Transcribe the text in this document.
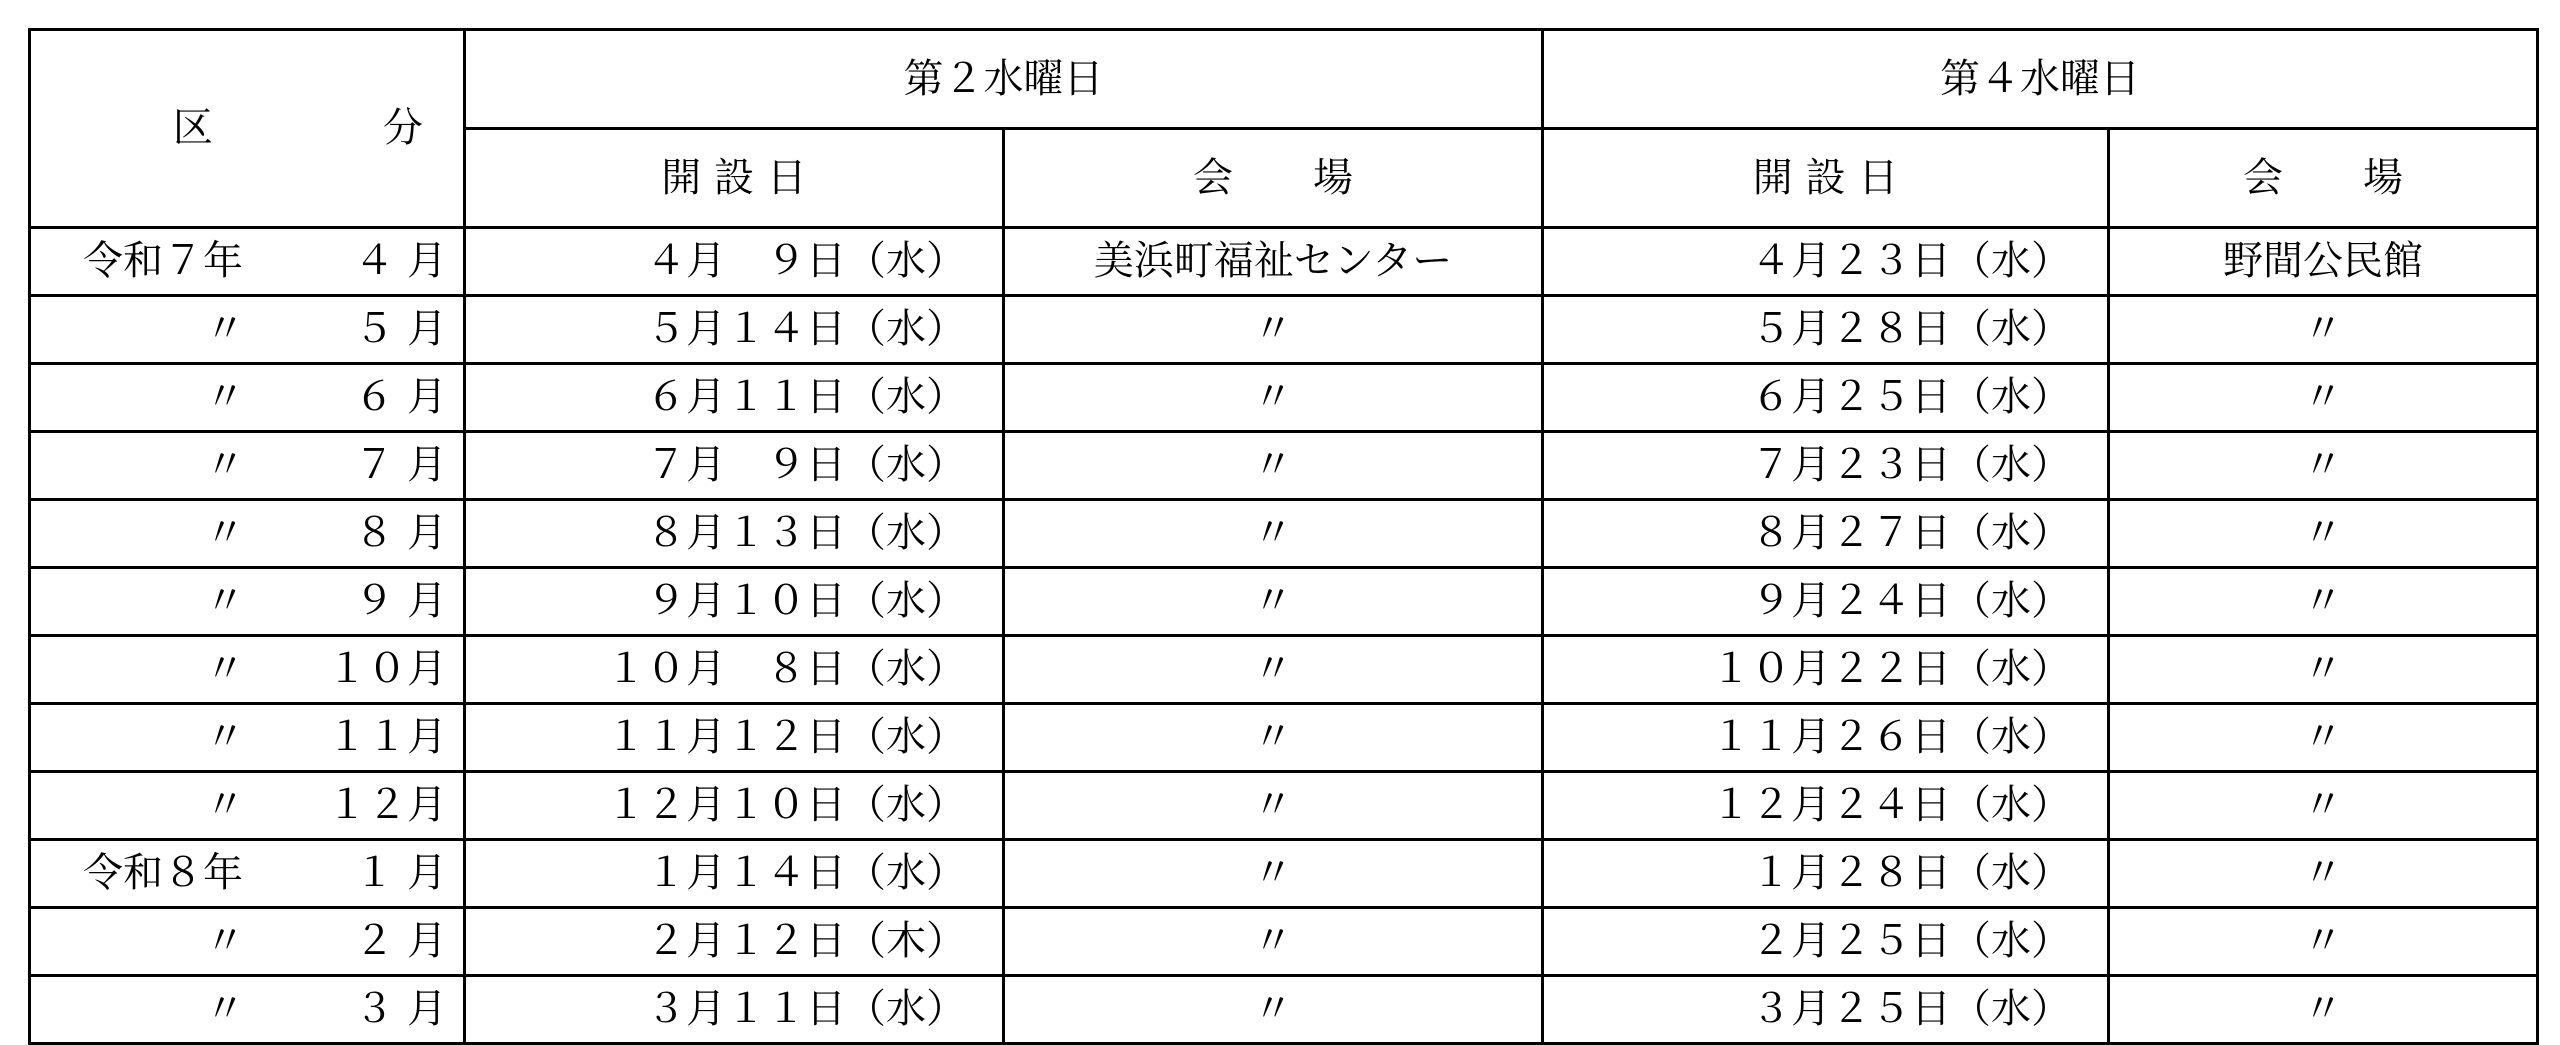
区 分	第２水曜日		第４水曜日	
	開 設 日	会　　場	開 設 日	会　　場

令和７年 ４ 月	４月　９日（水）	美浜町福祉センター	４月２３日（水）	野間公民館

〃 ５ 月	５月１４日（水）	〃	５月２８日（水）	〃

〃 ６ 月	６月１１日（水）	〃	６月２５日（水）	〃

〃 ７ 月	７月　９日（水）	〃	７月２３日（水）	〃

〃 ８ 月	８月１３日（水）	〃	８月２７日（水）	〃

〃 ９ 月	９月１０日（水）	〃	９月２４日（水）	〃

〃 １０月	１０月　８日（水）	〃	１０月２２日（水）	〃

〃 １１月	１１月１２日（水）	〃	１１月２６日（水）	〃

〃 １２月	１２月１０日（水）	〃	１２月２４日（水）	〃

令和８年 １ 月	１月１４日（水）	〃	１月２８日（水）	〃

〃 ２ 月	２月１２日（木）	〃	２月２５日（水）	〃

〃 ３ 月	３月１１日（水）	〃	３月２５日（水）	〃
